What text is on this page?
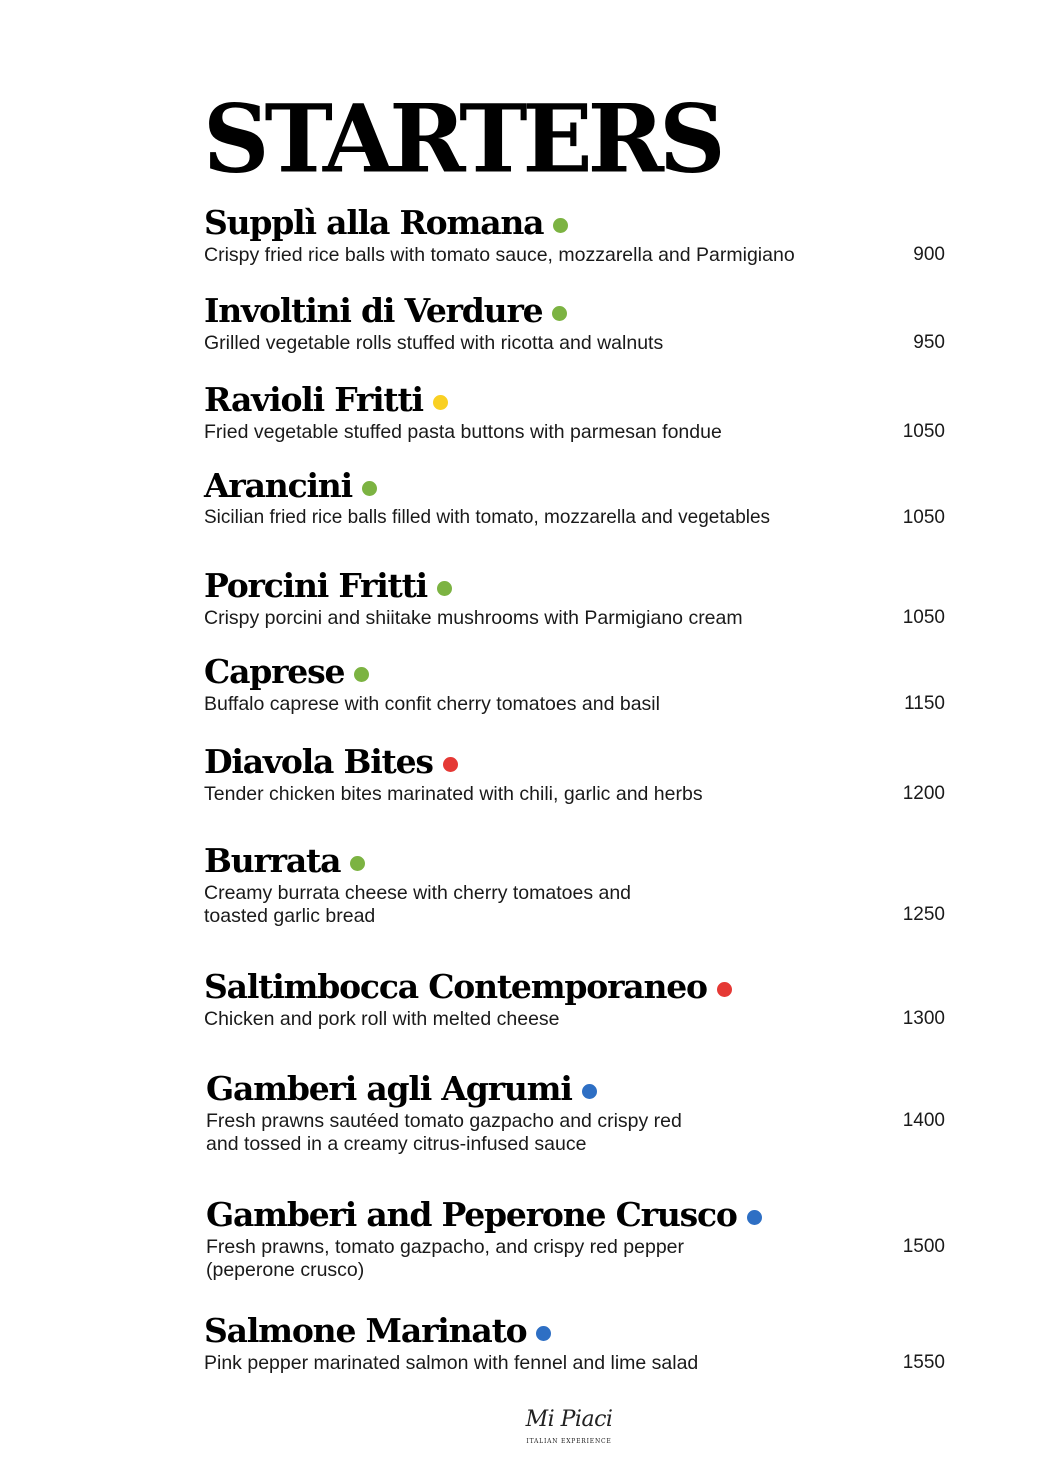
STARTERS
Supplì alla Romana
Crispy fried rice balls with tomato sauce, mozzarella and Parmigiano	900
Involtini di Verdure
Grilled vegetable rolls stuffed with ricotta and walnuts	950
Ravioli Fritti
Fried vegetable stuffed pasta buttons with parmesan fondue	1050
Arancini
Sicilian fried rice balls filled with tomato, mozzarella and vegetables	1050
Porcini Fritti
Crispy porcini and shiitake mushrooms with Parmigiano cream	1050
Caprese
Buffalo caprese with confit cherry tomatoes and basil	1150
Diavola Bites
Tender chicken bites marinated with chili, garlic and herbs	1200
Burrata
Creamy burrata cheese with cherry tomatoes and
toasted garlic bread	1250
Saltimbocca Contemporaneo
Chicken and pork roll with melted cheese	1300
Gamberi agli Agrumi
Fresh prawns sautéed tomato gazpacho and crispy red
and tossed in a creamy citrus-infused sauce
1400
Gamberi and Peperone Crusco
Fresh prawns, tomato gazpacho, and crispy red pepper
(peperone crusco)
1500
Salmone Marinato
Pink pepper marinated salmon with fennel and lime salad	1550
Mi Piaci
ITALIAN EXPERIENCE
